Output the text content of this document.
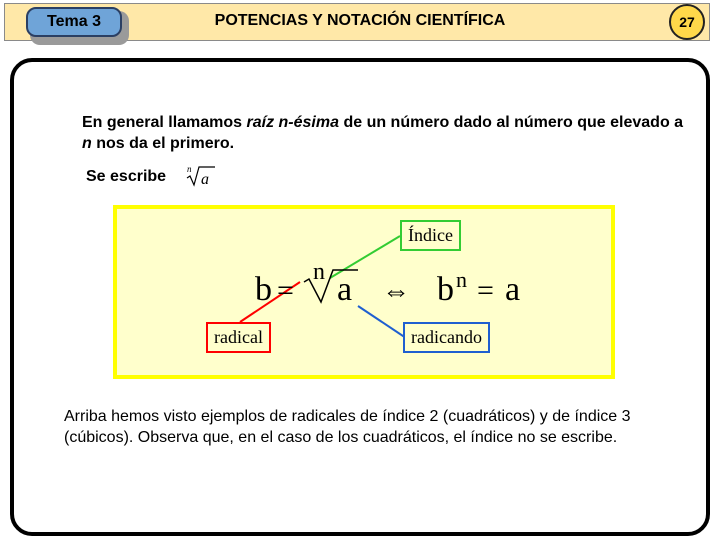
Tema 3	POTENCIAS Y NOTACIÓN CIENTÍFICA	27
En general llamamos raíz n-ésima de un número dado al número que elevado a n nos da el primero.
Se escribe n
a
b =
n a ⇔ b n = a
Índice
radical	radicando
Arriba hemos visto ejemplos de radicales de índice 2 (cuadráticos) y de índice 3 (cúbicos). Observa que, en el caso de los cuadráticos, el índice no se escribe.
